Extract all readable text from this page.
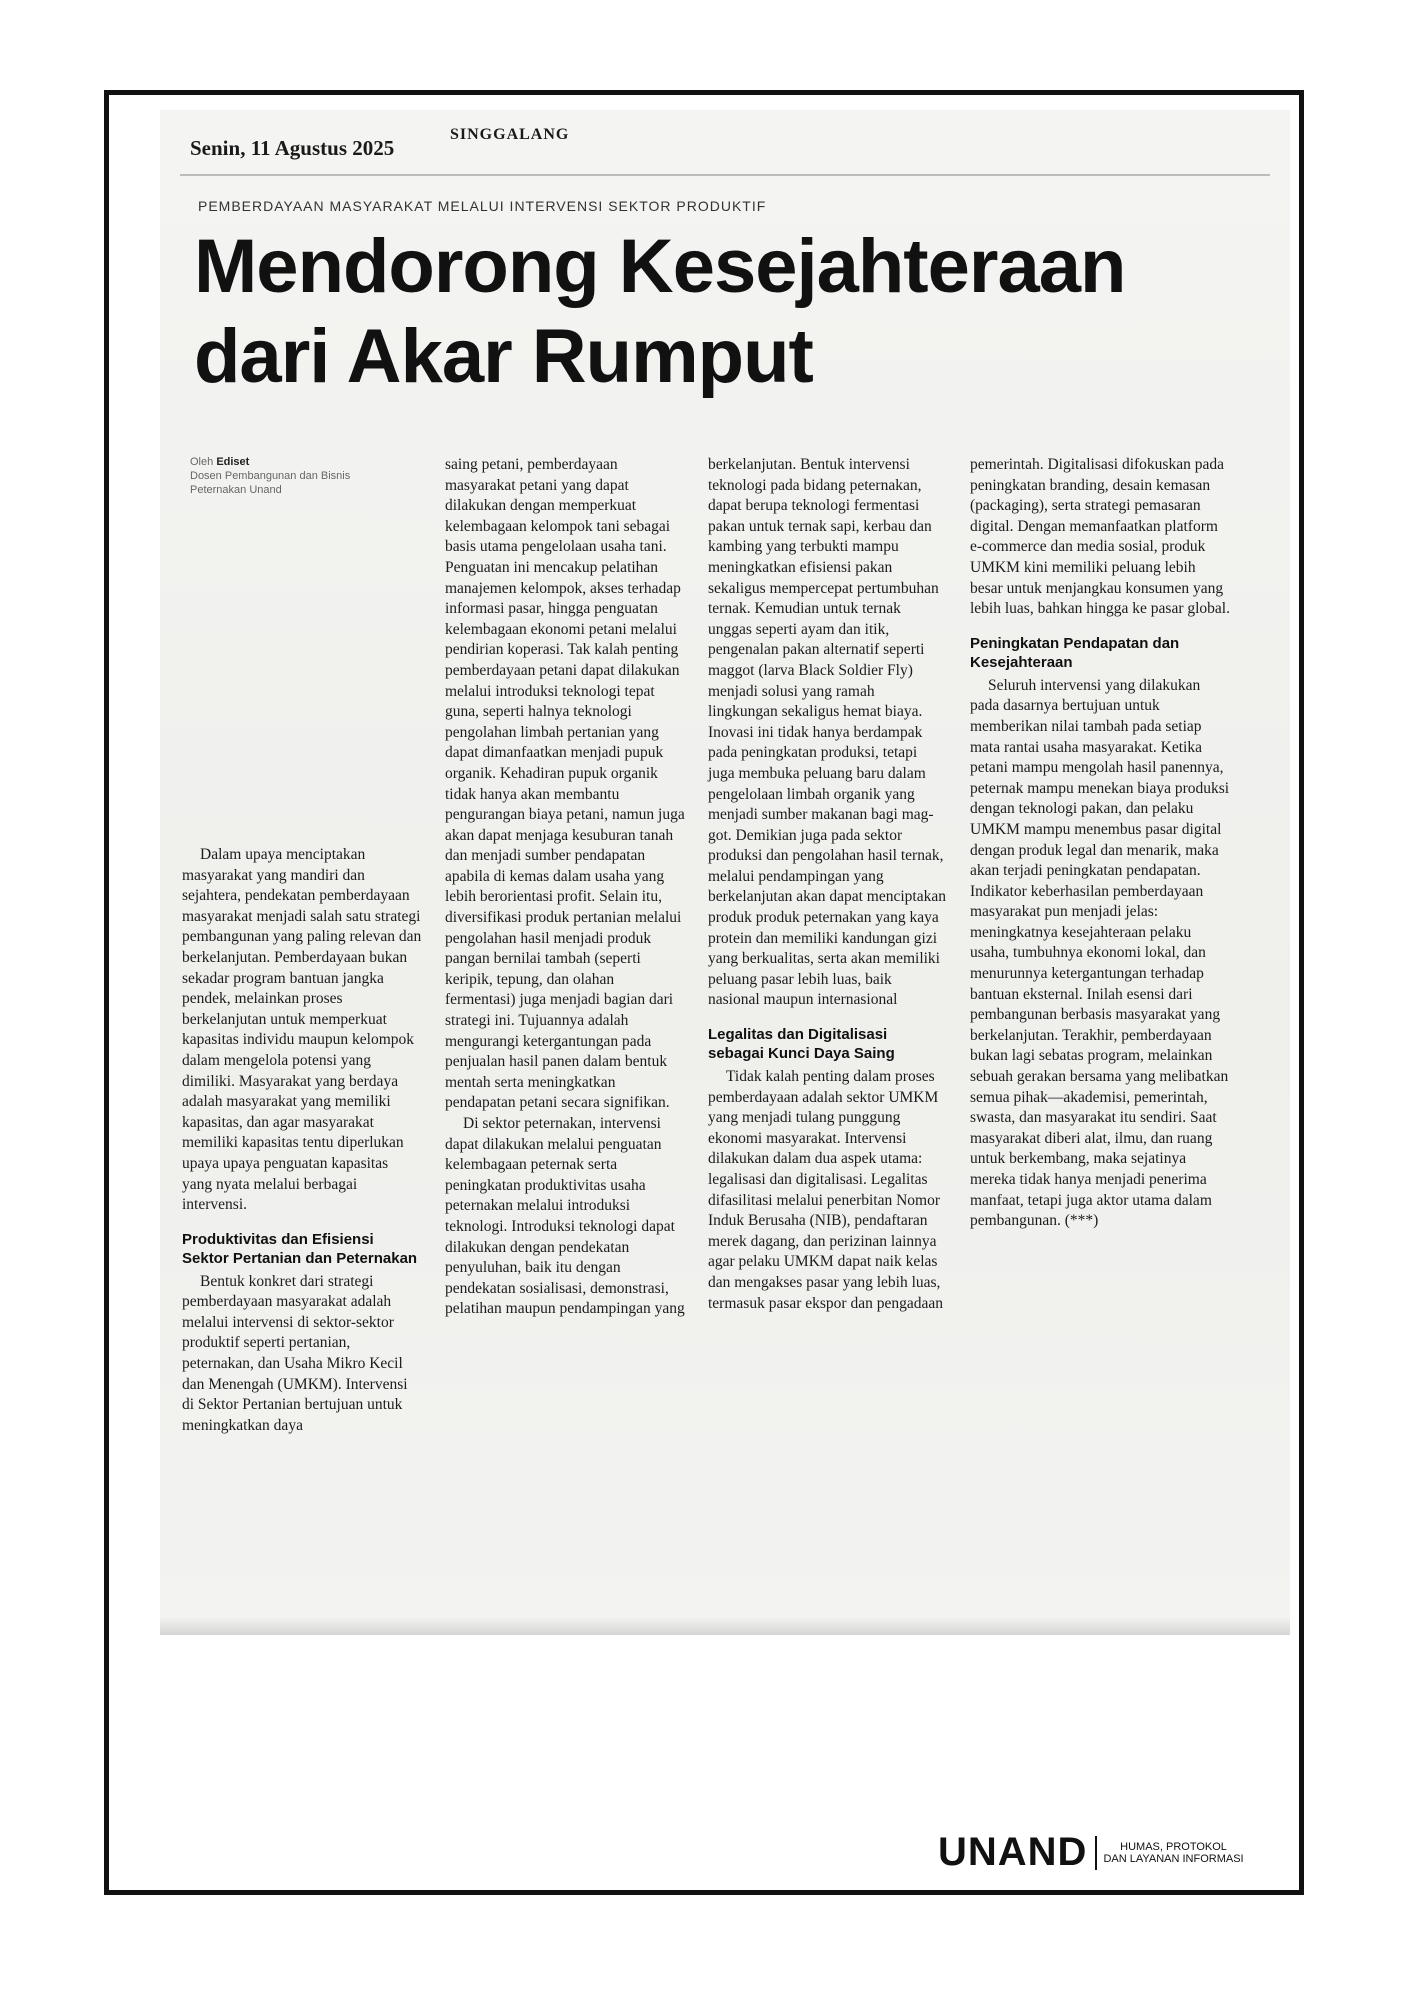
Senin, 11 Agustus 2025
SINGGALANG
PEMBERDAYAAN MASYARAKAT MELALUI INTERVENSI SEKTOR PRODUKTIF
Mendorong Kesejahteraan
dari Akar Rumput
Oleh Ediset
Dosen Pembangunan dan Bisnis
Peternakan Unand

Dalam upaya menciptakan masyarakat yang mandiri dan sejahtera, pendekatan pemberdayaan masyarakat menjadi salah satu strategi pembangunan yang paling relevan dan berkelanjutan. Pemberdayaan bukan sekadar program bantuan jangka pendek, melainkan proses berkelanjutan untuk memperkuat kapasitas individu maupun kelompok dalam mengelola potensi yang dimiliki. Masyarakat yang berdaya adalah masyarakat yang memiliki kapasitas, dan agar masyarakat memiliki kapasitas tentu diperlukan upaya upaya penguatan kapasitas yang nyata melalui berbagai intervensi.

Produktivitas dan Efisiensi Sektor Pertanian dan Peternakan

Bentuk konkret dari strategi pemberdayaan masyarakat adalah melalui intervensi di sektor-sektor produktif seperti pertanian, peternakan, dan Usaha Mikro Kecil dan Menengah (UMKM). Intervensi di Sektor Pertanian bertujuan untuk meningkatkan daya

saing petani, pemberdayaan masyarakat petani yang dapat dilakukan dengan memperkuat kelembagaan kelompok tani sebagai basis utama pengelolaan usaha tani. Penguatan ini mencakup pelatihan manajemen kelompok, akses terhadap informasi pasar, hingga penguatan kelembagaan ekonomi petani melalui pendirian koperasi. Tak kalah penting pemberdayaan petani dapat dilakukan melalui introduksi teknologi tepat guna, seperti halnya teknologi pengolahan limbah pertanian yang dapat dimanfaatkan menjadi pupuk organik. Kehadiran pupuk organik tidak hanya akan membantu pengurangan biaya petani, namun juga akan dapat menjaga kesuburan tanah dan menjadi sumber pendapatan apabila di kemas dalam usaha yang lebih berorientasi profit. Selain itu, diversifikasi produk pertanian melalui pengolahan hasil menjadi produk pangan bernilai tambah (seperti keripik, tepung, dan olahan fermentasi) juga menjadi bagian dari strategi ini. Tujuannya adalah mengurangi ketergantungan pada penjualan hasil panen dalam bentuk mentah serta meningkatkan pendapatan petani secara signifikan.

Di sektor peternakan, intervensi dapat dilakukan melalui penguatan kelembagaan peternak serta peningkatan produktivitas usaha peternakan melalui introduksi teknologi. Introduksi teknologi dapat dilakukan dengan pendekatan penyuluhan, baik itu dengan pendekatan sosialisasi, demonstrasi, pelatihan maupun pendampingan yang

berkelanjutan. Bentuk intervensi teknologi pada bidang peternakan, dapat berupa teknologi fermentasi pakan untuk ternak sapi, kerbau dan kambing yang terbukti mampu meningkatkan efisiensi pakan sekaligus mempercepat pertumbuhan ternak. Kemudian untuk ternak unggas seperti ayam dan itik, pengenalan pakan alternatif seperti maggot (larva Black Soldier Fly) menjadi solusi yang ramah lingkungan sekaligus hemat biaya. Inovasi ini tidak hanya berdampak pada peningkatan produksi, tetapi juga membuka peluang baru dalam pengelolaan limbah organik yang menjadi sumber makanan bagi mag-got. Demikian juga pada sektor produksi dan pengolahan hasil ternak, melalui pendampingan yang berkelanjutan akan dapat menciptakan produk produk peternakan yang kaya protein dan memiliki kandungan gizi yang berkualitas, serta akan memiliki peluang pasar lebih luas, baik nasional maupun internasional

Legalitas dan Digitalisasi sebagai Kunci Daya Saing

Tidak kalah penting dalam proses pemberdayaan adalah sektor UMKM yang menjadi tulang punggung ekonomi masyarakat. Intervensi dilakukan dalam dua aspek utama: legalisasi dan digitalisasi. Legalitas difasilitasi melalui penerbitan Nomor Induk Berusaha (NIB), pendaftaran merek dagang, dan perizinan lainnya agar pelaku UMKM dapat naik kelas dan mengakses pasar yang lebih luas, termasuk pasar ekspor dan pengadaan

pemerintah. Digitalisasi difokuskan pada peningkatan branding, desain kemasan (packaging), serta strategi pemasaran digital. Dengan memanfaatkan platform e-commerce dan media sosial, produk UMKM kini memiliki peluang lebih besar untuk menjangkau konsumen yang lebih luas, bahkan hingga ke pasar global.

Peningkatan Pendapatan dan Kesejahteraan

Seluruh intervensi yang dilakukan pada dasarnya bertujuan untuk memberikan nilai tambah pada setiap mata rantai usaha masyarakat. Ketika petani mampu mengolah hasil panennya, peternak mampu menekan biaya produksi dengan teknologi pakan, dan pelaku UMKM mampu menembus pasar digital dengan produk legal dan menarik, maka akan terjadi peningkatan pendapatan. Indikator keberhasilan pemberdayaan masyarakat pun menjadi jelas: meningkatnya kesejahteraan pelaku usaha, tumbuhnya ekonomi lokal, dan menurunnya ketergantungan terhadap bantuan eksternal. Inilah esensi dari pembangunan berbasis masyarakat yang berkelanjutan. Terakhir, pemberdayaan bukan lagi sebatas program, melainkan sebuah gerakan bersama yang melibatkan semua pihak—akademisi, pemerintah, swasta, dan masyarakat itu sendiri. Saat masyarakat diberi alat, ilmu, dan ruang untuk berkembang, maka sejatinya mereka tidak hanya menjadi penerima manfaat, tetapi juga aktor utama dalam pembangunan. (***)

UNAND	HUMAS, PROTOKOL
DAN LAYANAN INFORMASI
